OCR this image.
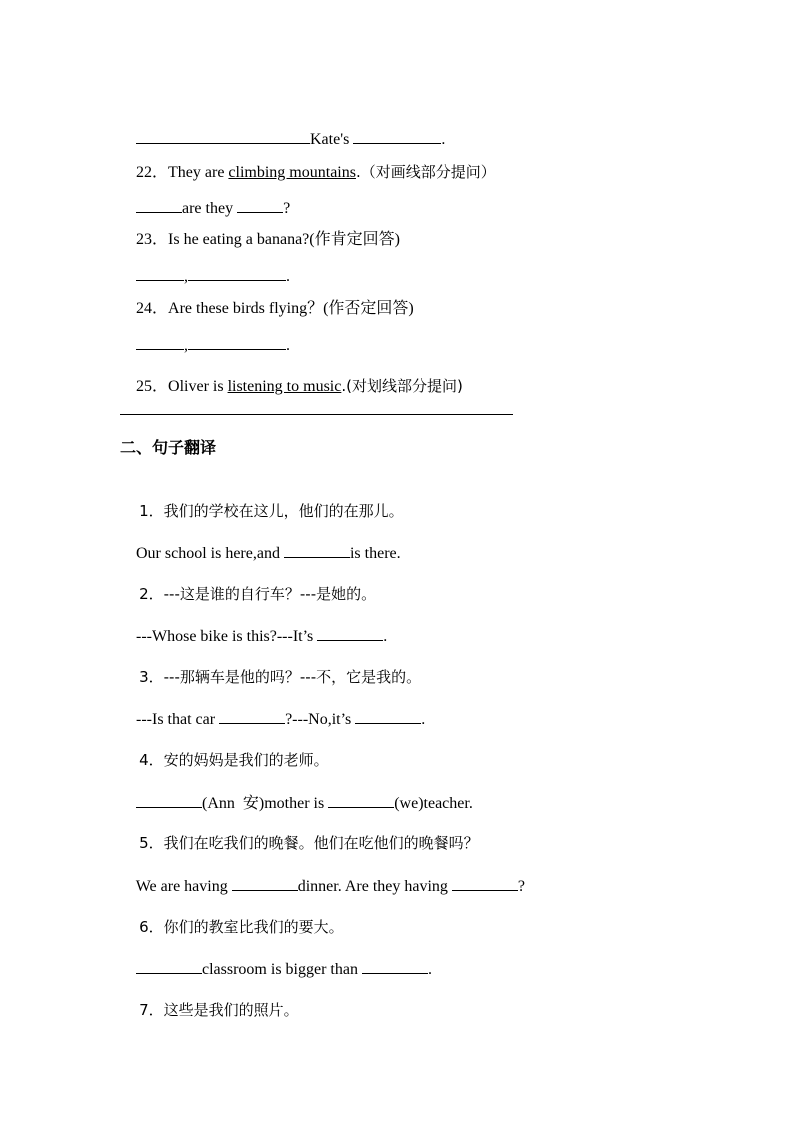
Kate's	.

22．They are climbing mountains.（对画线部分提问）

are they	?

23．Is he eating a banana?(作肯定回答)

,	.

24．Are these birds flying？(作否定回答)

,	.

25．Oliver is listening to music.(对划线部分提问)

二、句子翻译

1．我们的学校在这儿，他们的在那儿。

Our school is here,and	is there.

2．---这是谁的自行车？---是她的。

---Whose bike is this?---It’s	.

3．---那辆车是他的吗？---不，它是我的。

---Is that car	?---No,it’s	.

4．安的妈妈是我们的老师。

(Ann  安)mother is	(we)teacher.

5．我们在吃我们的晚餐。他们在吃他们的晚餐吗？

We are having	dinner. Are they having	?

6．你们的教室比我们的要大。

classroom is bigger than	.

7．这些是我们的照片。
